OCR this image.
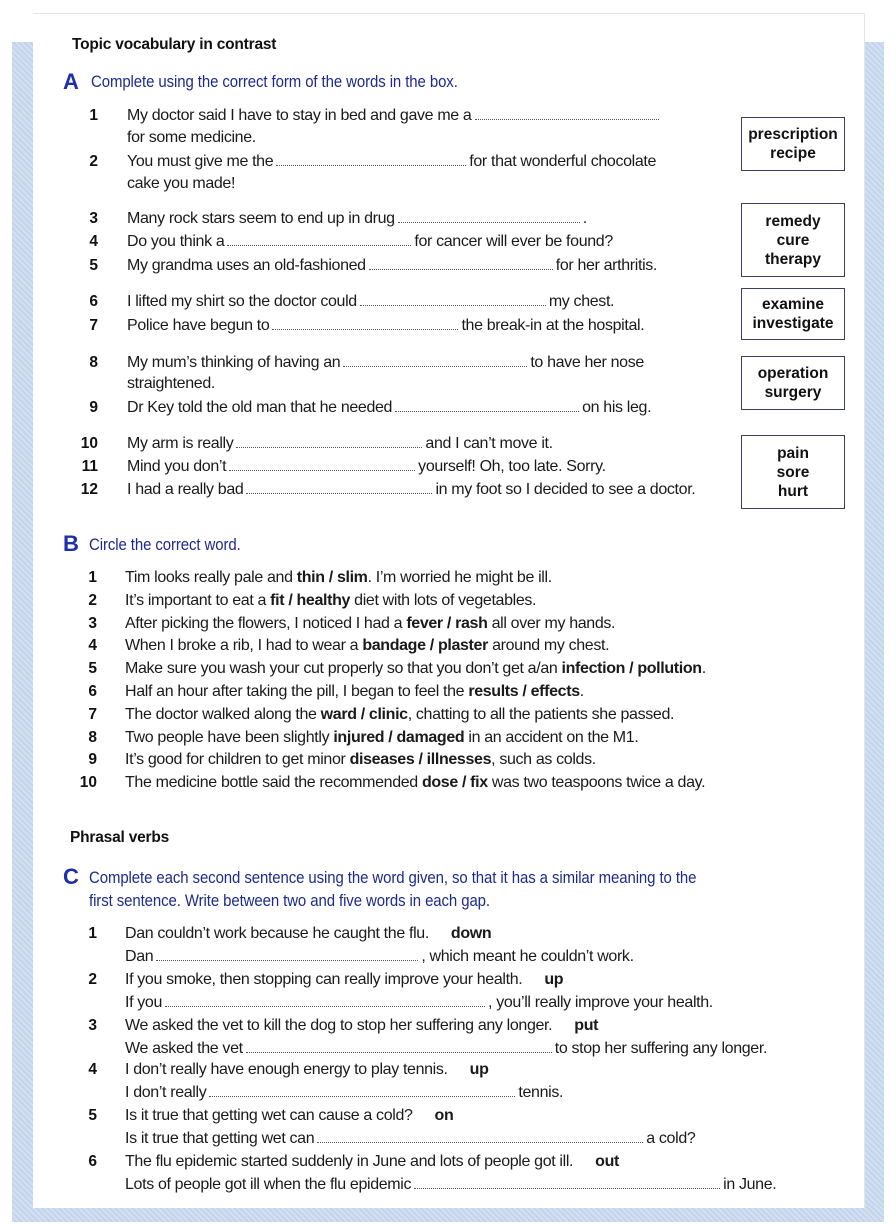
Topic vocabulary in contrast
A Complete using the correct form of the words in the box.
1 My doctor said I have to stay in bed and gave me a
for some medicine.
2 You must give me the	for that wonderful chocolate
cake you made!
3 Many rock stars seem to end up in drug	.
4 Do you think a	for cancer will ever be found?
5 My grandma uses an old-fashioned	for her arthritis.
6 I lifted my shirt so the doctor could	my chest.
7 Police have begun to	the break-in at the hospital.
8 My mum’s thinking of having an	to have her nose
straightened.
9 Dr Key told the old man that he needed	on his leg.
10 My arm is really	and I can’t move it.
11 Mind you don’t	yourself! Oh, too late. Sorry.
12 I had a really bad	in my foot so I decided to see a doctor.
prescription
recipe
remedy
cure
therapy
examine
investigate
operation
surgery
pain
sore
hurt
B Circle the correct word.
1 Tim looks really pale and thin / slim. I’m worried he might be ill.
2 It’s important to eat a fit / healthy diet with lots of vegetables.
3 After picking the flowers, I noticed I had a fever / rash all over my hands.
4 When I broke a rib, I had to wear a bandage / plaster around my chest.
5 Make sure you wash your cut properly so that you don’t get a/an infection / pollution.
6 Half an hour after taking the pill, I began to feel the results / effects.
7 The doctor walked along the ward / clinic, chatting to all the patients she passed.
8 Two people have been slightly injured / damaged in an accident on the M1.
9 It’s good for children to get minor diseases / illnesses, such as colds.
10 The medicine bottle said the recommended dose / fix was two teaspoons twice a day.
Phrasal verbs
C Complete each second sentence using the word given, so that it has a similar meaning to the
first sentence. Write between two and five words in each gap.
1 Dan couldn’t work because he caught the flu. down
Dan	, which meant he couldn’t work.
2 If you smoke, then stopping can really improve your health. up
If you	, you’ll really improve your health.
3 We asked the vet to kill the dog to stop her suffering any longer. put
We asked the vet	to stop her suffering any longer.
4 I don’t really have enough energy to play tennis. up
I don’t really	tennis.
5 Is it true that getting wet can cause a cold? on
Is it true that getting wet can	a cold?
6 The flu epidemic started suddenly in June and lots of people got ill. out
Lots of people got ill when the flu epidemic	in June.
